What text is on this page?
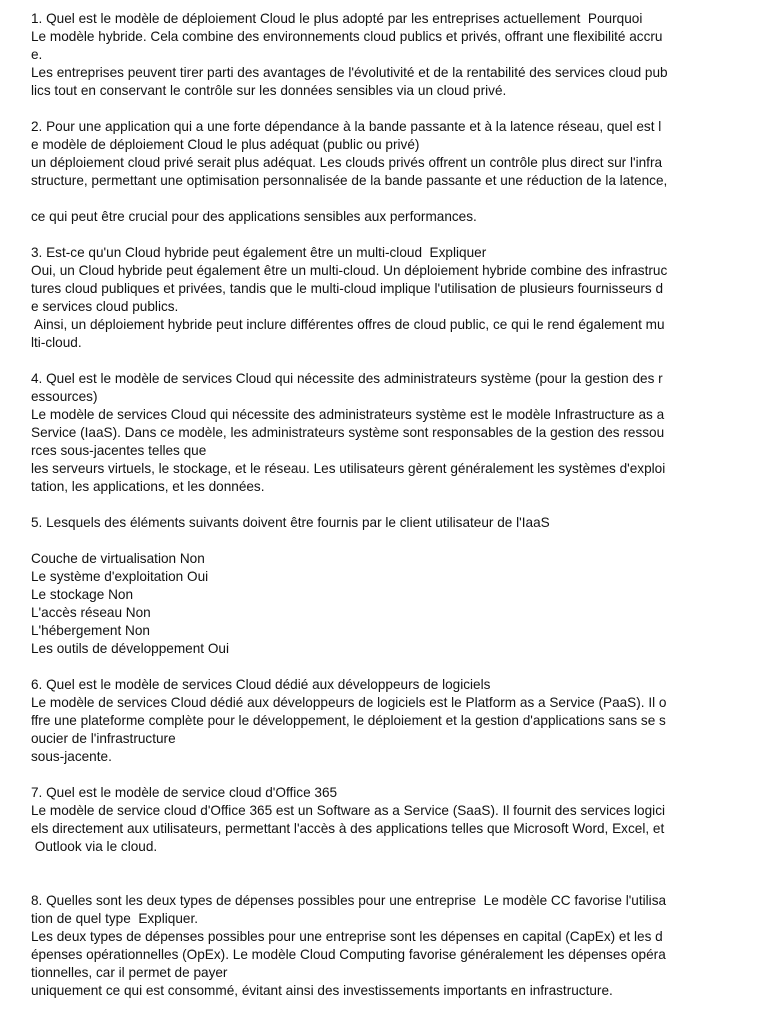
1. Quel est le modèle de déploiement Cloud le plus adopté par les entreprises actuellement  Pourquoi
Le modèle hybride. Cela combine des environnements cloud publics et privés, offrant une flexibilité accru
e.
Les entreprises peuvent tirer parti des avantages de l'évolutivité et de la rentabilité des services cloud pub
lics tout en conservant le contrôle sur les données sensibles via un cloud privé.
2. Pour une application qui a une forte dépendance à la bande passante et à la latence réseau, quel est l
e modèle de déploiement Cloud le plus adéquat (public ou privé)
un déploiement cloud privé serait plus adéquat. Les clouds privés offrent un contrôle plus direct sur l'infra
structure, permettant une optimisation personnalisée de la bande passante et une réduction de la latence,
ce qui peut être crucial pour des applications sensibles aux performances.
3. Est-ce qu'un Cloud hybride peut également être un multi-cloud  Expliquer
Oui, un Cloud hybride peut également être un multi-cloud. Un déploiement hybride combine des infrastruc
tures cloud publiques et privées, tandis que le multi-cloud implique l'utilisation de plusieurs fournisseurs d
e services cloud publics.
Ainsi, un déploiement hybride peut inclure différentes offres de cloud public, ce qui le rend également mu
lti-cloud.
4. Quel est le modèle de services Cloud qui nécessite des administrateurs système (pour la gestion des r
essources)
Le modèle de services Cloud qui nécessite des administrateurs système est le modèle Infrastructure as a
Service (IaaS). Dans ce modèle, les administrateurs système sont responsables de la gestion des ressou
rces sous-jacentes telles que
les serveurs virtuels, le stockage, et le réseau. Les utilisateurs gèrent généralement les systèmes d'exploi
tation, les applications, et les données.
5. Lesquels des éléments suivants doivent être fournis par le client utilisateur de l'IaaS
Couche de virtualisation Non
Le système d'exploitation Oui
Le stockage Non
L'accès réseau Non
L'hébergement Non
Les outils de développement Oui
6. Quel est le modèle de services Cloud dédié aux développeurs de logiciels
Le modèle de services Cloud dédié aux développeurs de logiciels est le Platform as a Service (PaaS). Il o
ffre une plateforme complète pour le développement, le déploiement et la gestion d'applications sans se s
oucier de l'infrastructure
sous-jacente.
7. Quel est le modèle de service cloud d'Office 365
Le modèle de service cloud d'Office 365 est un Software as a Service (SaaS). Il fournit des services logici
els directement aux utilisateurs, permettant l'accès à des applications telles que Microsoft Word, Excel, et
Outlook via le cloud.
8. Quelles sont les deux types de dépenses possibles pour une entreprise  Le modèle CC favorise l'utilisa
tion de quel type  Expliquer.
Les deux types de dépenses possibles pour une entreprise sont les dépenses en capital (CapEx) et les d
épenses opérationnelles (OpEx). Le modèle Cloud Computing favorise généralement les dépenses opéra
tionnelles, car il permet de payer
uniquement ce qui est consommé, évitant ainsi des investissements importants en infrastructure.
